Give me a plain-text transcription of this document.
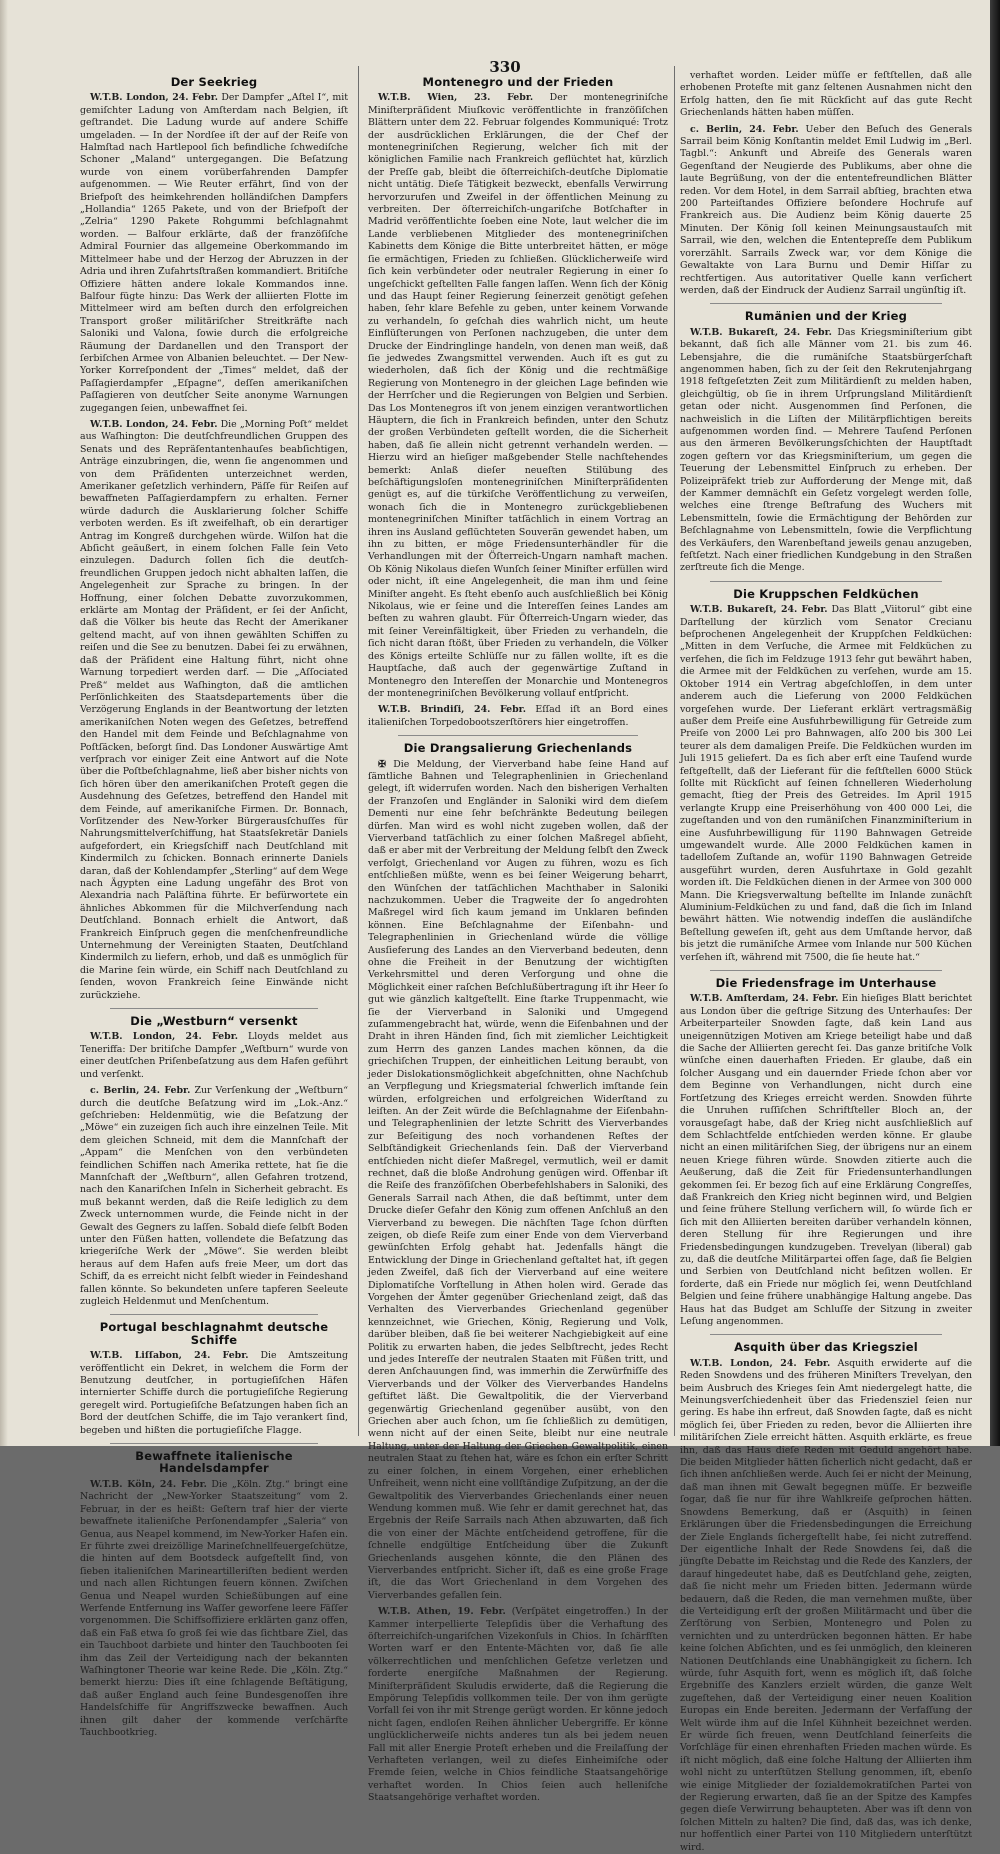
330
Der Seekrieg

W.T.B. London, 24. Febr. Der Dampfer „Aſtel I“, mit gemiſchter Ladung von Amſterdam nach Belgien, iſt geſtrandet. Die Ladung wurde auf andere Schiffe umgeladen. — In der Nordſee iſt der auf der Reiſe von Halmſtad nach Hartlepool ſich befindliche ſchwediſche Schoner „Maland“ untergegangen. Die Beſatzung wurde von einem vorüberfahrenden Dampfer aufgenommen. — Wie Reuter erfährt, ſind von der Briefpoſt des heimkehrenden holländiſchen Dampfers „Hollandia“ 1265 Pakete, und von der Briefpoſt der „Zelria“ 1290 Pakete Rohgummi beſchlagnahmt worden. — Balfour erklärte, daß der franzöſiſche Admiral Fournier das allgemeine Oberkommando im Mittelmeer habe und der Herzog der Abruzzen in der Adria und ihren Zufahrtsſtraßen kommandiert. Britiſche Offiziere hätten andere lokale Kommandos inne. Balfour fügte hinzu: Das Werk der alliierten Flotte im Mittelmeer wird am beſten durch den erfolgreichen Transport großer militäriſcher Streitkräfte nach Saloniki und Valona, ſowie durch die erfolgreiche Räumung der Dardanellen und den Transport der ſerbiſchen Armee von Albanien beleuchtet. — Der New-Yorker Korreſpondent der „Times“ meldet, daß der Paſſagierdampfer „Eſpagne“, deſſen amerikaniſchen Paſſagieren von deutſcher Seite anonyme Warnungen zugegangen ſeien, unbewaffnet ſei.

W.T.B. London, 24. Febr. Die „Morning Poſt“ meldet aus Waſhington: Die deutſchfreundlichen Gruppen des Senats und des Repräſentantenhauſes beabſichtigen, Anträge einzubringen, die, wenn ſie angenommen und von dem Präſidenten unterzeichnet werden, Amerikaner geſetzlich verhindern, Päſſe für Reiſen auf bewaffneten Paſſagierdampfern zu erhalten. Ferner würde dadurch die Ausklarierung ſolcher Schiffe verboten werden. Es iſt zweifelhaft, ob ein derartiger Antrag im Kongreß durchgehen würde. Wilſon hat die Abſicht geäußert, in einem ſolchen Falle ſein Veto einzulegen. Dadurch ſollen ſich die deutſch-freundlichen Gruppen jedoch nicht abhalten laſſen, die Angelegenheit zur Sprache zu bringen. In der Hoffnung, einer ſolchen Debatte zuvorzukommen, erklärte am Montag der Präſident, er ſei der Anſicht, daß die Völker bis heute das Recht der Amerikaner geltend macht, auf von ihnen gewählten Schiffen zu reiſen und die See zu benutzen. Dabei ſei zu erwähnen, daß der Präſident eine Haltung führt, nicht ohne Warnung torpediert werden darf. — Die „Aſſociated Preß“ meldet aus Waſhington, daß die amtlichen Perſönlichkeiten des Staatsdepartements über die Verzögerung Englands in der Beantwortung der letzten amerikaniſchen Noten wegen des Geſetzes, betreffend den Handel mit dem Feinde und Beſchlagnahme von Poſtſäcken, beſorgt ſind. Das Londoner Auswärtige Amt verſprach vor einiger Zeit eine Antwort auf die Note über die Poſtbeſchlagnahme, ließ aber bisher nichts von ſich hören über den amerikaniſchen Proteſt gegen die Ausdehnung des Geſetzes, betreffend den Handel mit dem Feinde, auf amerikaniſche Firmen. Dr. Bonnach, Vorſitzender des New-Yorker Bürgerausſchuſſes für Nahrungsmittelverſchiffung, hat Staatsſekretär Daniels aufgefordert, ein Kriegsſchiff nach Deutſchland mit Kindermilch zu ſchicken. Bonnach erinnerte Daniels daran, daß der Kohlendampfer „Sterling“ auf dem Wege nach Ägypten eine Ladung ungefähr des Brot von Alexandria nach Paläſtina führte. Er befürwortete ein ähnliches Abkommen für die Milchverſendung nach Deutſchland. Bonnach erhielt die Antwort, daß Frankreich Einſpruch gegen die menſchenfreundliche Unternehmung der Vereinigten Staaten, Deutſchland Kindermilch zu liefern, erhob, und daß es unmöglich für die Marine ſein würde, ein Schiff nach Deutſchland zu ſenden, wovon Frankreich ſeine Einwände nicht zurückziehe.

Die „Westburn“ versenkt

W.T.B. London, 24. Febr. Lloyds meldet aus Teneriffa: Der britiſche Dampfer „Weſtburn“ wurde von einer deutſchen Priſenbeſatzung aus dem Hafen geführt und verſenkt.

c. Berlin, 24. Febr. Zur Verſenkung der „Weſtburn“ durch die deutſche Beſatzung wird im „Lok.-Anz.“ geſchrieben: Heldenmütig, wie die Beſatzung der „Möwe“ ein zuzeigen ſich auch ihre einzelnen Teile. Mit dem gleichen Schneid, mit dem die Mannſchaft der „Appam“ die Menſchen von den verbündeten feindlichen Schiffen nach Amerika rettete, hat ſie die Mannſchaft der „Weſtburn“, allen Gefahren trotzend, nach den Kanariſchen Inſeln in Sicherheit gebracht. Es muß bekannt werden, daß die Reiſe lediglich zu dem Zweck unternommen wurde, die Feinde nicht in der Gewalt des Gegners zu laſſen. Sobald dieſe ſelbſt Boden unter den Füßen hatten, vollendete die Beſatzung das kriegeriſche Werk der „Möwe“. Sie werden bleibt heraus auf dem Hafen aufs freie Meer, um dort das Schiff, da es erreicht nicht ſelbſt wieder in Feindeshand fallen könnte. So bekundeten unſere tapferen Seeleute zugleich Heldenmut und Menſchentum.

Portugal beschlagnahmt deutsche Schiffe

W.T.B. Liſſabon, 24. Febr. Die Amtszeitung veröffentlicht ein Dekret, in welchem die Form der Benutzung deutſcher, in portugieſiſchen Häfen internierter Schiffe durch die portugieſiſche Regierung geregelt wird. Portugieſiſche Beſatzungen haben ſich an Bord der deutſchen Schiffe, die im Tajo verankert ſind, begeben und hißten die portugieſiſche Flagge.

Bewaffnete italienische Handelsdampfer

W.T.B. Köln, 24. Febr. Die „Köln. Ztg.“ bringt eine Nachricht der „New-Yorker Staatszeitung“ vom 2. Februar, in der es heißt: Geſtern traf hier der vierte bewaffnete italieniſche Perſonendampfer „Saleria“ von Genua, aus Neapel kommend, im New-Yorker Hafen ein. Er führte zwei dreizöllige Marineſchnellfeuergeſchütze, die hinten auf dem Bootsdeck aufgeſtellt ſind, von ſieben italieniſchen Marineartilleriſten bedient werden und nach allen Richtungen feuern können. Zwiſchen Genua und Neapel wurden Schießübungen auf eine Werfende Entfernung ins Waſſer geworfene leere Fäſſer vorgenommen. Die Schiffsoffiziere erklärten ganz offen, daß ein Faß etwa ſo groß ſei wie das ſichtbare Ziel, das ein Tauchboot darbiete und hinter den Tauchbooten ſei ihm das Zeil der Verteidigung nach der bekannten Waſhingtoner Theorie war keine Rede. Die „Köln. Ztg.“ bemerkt hierzu: Dies iſt eine ſchlagende Beſtätigung, daß außer England auch ſeine Bundesgenoſſen ihre Handelsſchiffe für Angriffszwecke bewaffnen. Auch ihnen gilt daher der kommende verſchärfte Tauchbootkrieg.

Montenegro und der Frieden

W.T.B. Wien, 23. Febr. Der montenegriniſche Miniſterpräſident Miuſkovic veröffentlichte in franzöſiſchen Blättern unter dem 22. Februar folgendes Kommuniqué: Trotz der ausdrücklichen Erklärungen, die der Chef der montenegriniſchen Regierung, welcher ſich mit der königlichen Familie nach Frankreich geflüchtet hat, kürzlich der Preſſe gab, bleibt die öſterreichiſch-deutſche Diplomatie nicht untätig. Dieſe Tätigkeit bezweckt, ebenfalls Verwirrung hervorzurufen und Zweifel in der öffentlichen Meinung zu verbreiten. Der öſterreichiſch-ungariſche Botſchafter in Madrid veröffentlichte ſoeben eine Note, laut welcher die im Lande verbliebenen Mitglieder des montenegriniſchen Kabinetts dem Könige die Bitte unterbreitet hätten, er möge ſie ermächtigen, Frieden zu ſchließen. Glücklicherweiſe wird ſich kein verbündeter oder neutraler Regierung in einer ſo ungeſchickt geſtellten Falle fangen laſſen. Wenn ſich der König und das Haupt ſeiner Regierung ſeinerzeit genötigt geſehen haben, ſehr klare Befehle zu geben, unter keinem Vorwande zu verhandeln, ſo geſchah dies wahrlich nicht, um heute Einflüſterungen von Perſonen nachzugeben, die unter dem Drucke der Eindringlinge handeln, von denen man weiß, daß ſie jedwedes Zwangsmittel verwenden. Auch iſt es gut zu wiederholen, daß ſich der König und die rechtmäßige Regierung von Montenegro in der gleichen Lage befinden wie der Herrſcher und die Regierungen von Belgien und Serbien. Das Los Montenegros iſt von jenem einzigen verantwortlichen Häuptern, die ſich in Frankreich befinden, unter den Schutz der großen Verbündeten geſtellt worden, die die Sicherheit haben, daß ſie allein nicht getrennt verhandeln werden. — Hierzu wird an hieſiger maßgebender Stelle nachſtehendes bemerkt: Anlaß dieſer neueſten Stilübung des beſchäftigungsloſen montenegriniſchen Miniſterpräſidenten genügt es, auf die türkiſche Veröffentlichung zu verweiſen, wonach ſich die in Montenegro zurückgebliebenen montenegriniſchen Miniſter tatſächlich in einem Vortrag an ihren ins Ausland geflüchteten Souverän gewendet haben, um ihn zu bitten, er möge Friedensunterhändler für die Verhandlungen mit der Öſterreich-Ungarn namhaft machen. Ob König Nikolaus dieſen Wunſch ſeiner Miniſter erfüllen wird oder nicht, iſt eine Angelegenheit, die man ihm und ſeine Miniſter angeht. Es ſteht ebenſo auch ausſchließlich bei König Nikolaus, wie er ſeine und die Intereſſen ſeines Landes am beſten zu wahren glaubt. Für Öſterreich-Ungarn wieder, das mit ſeiner Vereinfältigkeit, über Frieden zu verhandeln, die ſich nicht daran ſtößt, über Frieden zu verhandeln, die Völker des Königs erteilte Schlüſſe nur zu fällen wollte, iſt es die Hauptſache, daß auch der gegenwärtige Zuſtand in Montenegro den Intereſſen der Monarchie und Montenegros der montenegriniſchen Bevölkerung vollauf entſpricht.

W.T.B. Brindiſi, 24. Febr. Eſſad iſt an Bord eines italieniſchen Torpedobootszerſtörers hier eingetroffen.

Die Drangsalierung Griechenlands

✠ Die Meldung, der Vierverband habe ſeine Hand auf ſämtliche Bahnen und Telegraphenlinien in Griechenland gelegt, iſt widerrufen worden. Nach den bisherigen Verhalten der Franzoſen und Engländer in Saloniki wird dem dieſem Dementi nur eine ſehr beſchränkte Bedeutung beilegen dürfen. Man wird es wohl nicht zugeben wollen, daß der Vierverband tatſächlich zu einer ſolchen Maßregel abſieht, daß er aber mit der Verbreitung der Meldung ſelbſt den Zweck verfolgt, Griechenland vor Augen zu führen, wozu es ſich entſchließen müßte, wenn es bei ſeiner Weigerung beharrt, den Wünſchen der tatſächlichen Machthaber in Saloniki nachzukommen. Ueber die Tragweite der ſo angedrohten Maßregel wird ſich kaum jemand im Unklaren befinden können. Eine Beſchlagnahme der Eiſenbahn- und Telegraphenlinien in Griechenland würde die völlige Ausſieferung des Landes an den Vierverband bedeuten, denn ohne die Freiheit in der Benutzung der wichtigſten Verkehrsmittel und deren Verſorgung und ohne die Möglichkeit einer raſchen Beſchlußübertragung iſt ihr Heer ſo gut wie gänzlich kaltgeſtellt. Eine ſtarke Truppenmacht, wie ſie der Vierverband in Saloniki und Umgegend zuſammengebracht hat, würde, wenn die Eiſenbahnen und der Draht in ihren Händen ſind, ſich mit ziemlicher Leichtigkeit zum Herrn des ganzen Landes machen können, da die griechiſchen Truppen, der einheitlichen Leitung beraubt, von jeder Dislokationsmöglichkeit abgeſchnitten, ohne Nachſchub an Verpflegung und Kriegsmaterial ſchwerlich imſtande ſein würden, erfolgreichen und erfolgreichen Widerſtand zu leiſten. An der Zeit würde die Beſchlagnahme der Eiſenbahn- und Telegraphenlinien der letzte Schritt des Vierverbandes zur Beſeitigung des noch vorhandenen Reſtes der Selbſtändigkeit Griechenlands ſein. Daß der Vierverband entſchieden nicht dieſer Maßregel, vermutlich, weil er damit rechnet, daß die bloße Androhung genügen wird. Offenbar iſt die Reiſe des franzöſiſchen Oberbefehlshabers in Saloniki, des Generals Sarrail nach Athen, die daß beſtimmt, unter dem Drucke dieſer Gefahr den König zum offenen Anſchluß an den Vierverband zu bewegen. Die nächſten Tage ſchon dürften zeigen, ob dieſe Reiſe zum einer Ende von dem Vierverband gewünſchten Erfolg gehabt hat. Jedenfalls hängt die Entwicklung der Dinge in Griechenland geſtaltet hat, iſt gegen jeden Zweifel, daß ſich der Vierverband auf eine weitere Diplomatiſche Vorſtellung in Athen holen wird. Gerade das Vorgehen der Ämter gegenüber Griechenland zeigt, daß das Verhalten des Vierverbandes Griechenland gegenüber kennzeichnet, wie Griechen, König, Regierung und Volk, darüber bleiben, daß ſie bei weiterer Nachgiebigkeit auf eine Politik zu erwarten haben, die jedes Selbſtrecht, jedes Recht und jedes Intereſſe der neutralen Staaten mit Füßen tritt, und deren Anſchauungen ſind, was immerhin die Zerwürfniſſe des Vierverbands und der Völker des Vierverbandes Handelns geſtiftet läßt. Die Gewaltpolitik, die der Vierverband gegenwärtig Griechenland gegenüber ausübt, von den Griechen aber auch ſchon, um ſie ſchließlich zu demütigen, wenn nicht auf der einen Seite, bleibt nur eine neutrale Haltung, unter der Haltung der Griechen Gewaltpolitik, einen neutralen Staat zu ſtehen hat, wäre es ſchon ein erſter Schritt zu einer ſolchen, in einem Vorgehen, einer erheblichen Unfreiheit, wenn nicht eine vollſtändige Zuſpitzung, an der die Gewaltpolitik des Vierverbandes Griechenlands einer neuen Wendung kommen muß. Wie ſehr er damit gerechnet hat, das Ergebnis der Reiſe Sarrails nach Athen abzuwarten, daß ſich die von einer der Mächte entſcheidend getroffene, für die ſchnelle endgültige Entſcheidung über die Zukunft Griechenlands ausgehen könnte, die den Plänen des Vierverbandes entſpricht. Sicher iſt, daß es eine große Frage iſt, die das Wort Griechenland in dem Vorgehen des Vierverbandes gefallen ſein.

W.T.B. Athen, 19. Febr. (Verſpätet eingetroffen.) In der Kammer interpellierte Telepſidis über die Verhaftung des öſterreichiſch-ungariſchen Vizekonſuls in Chios. In ſchärfſten Worten warf er den Entente-Mächten vor, daß ſie alle völkerrechtlichen und menſchlichen Geſetze verletzen und forderte energiſche Maßnahmen der Regierung. Miniſterpräſident Skuludis erwiderte, daß die Regierung die Empörung Telepſidis vollkommen teile. Der von ihm gerügte Vorfall ſei von ihr mit Strenge gerügt worden. Er könne jedoch nicht ſagen, endloſen Reihen ähnlicher Uebergriffe. Er könne unglücklicherweiſe nichts anderes tun als bei jedem neuen Fall mit aller Energie Proteſt erheben und die Freilaſſung der Verhafteten verlangen, weil zu dieſes Einheimiſche oder Fremde ſeien, welche in Chios feindliche Staatsangehörige verhaftet worden. In Chios ſeien auch helleniſche Staatsangehörige verhaftet worden.

verhaftet worden. Leider müſſe er feſtſtellen, daß alle erhobenen Proteſte mit ganz ſeltenen Ausnahmen nicht den Erfolg hatten, den ſie mit Rückſicht auf das gute Recht Griechenlands hätten haben müſſen.

c. Berlin, 24. Febr. Ueber den Beſuch des Generals Sarrail beim König Konſtantin meldet Emil Ludwig im „Berl. Tagbl.“: Ankunft und Abreiſe des Generals waren Gegenſtand der Neugierde des Publikums, aber ohne die laute Begrüßung, von der die ententefreundlichen Blätter reden. Vor dem Hotel, in dem Sarrail abſtieg, brachten etwa 200 Parteiſtandes Offiziere beſondere Hochrufe auf Frankreich aus. Die Audienz beim König dauerte 25 Minuten. Der König ſoll keinen Meinungsaustauſch mit Sarrail, wie den, welchen die Ententepreſſe dem Publikum vorerzählt. Sarrails Zweck war, vor dem Könige die Gewaltakte von Lara Burnu und Demir Hiſſar zu rechtfertigen. Aus autoritativer Quelle kann verſichert werden, daß der Eindruck der Audienz Sarrail ungünſtig iſt.

Rumänien und der Krieg

W.T.B. Bukareſt, 24. Febr. Das Kriegsminiſterium gibt bekannt, daß ſich alle Männer vom 21. bis zum 46. Lebensjahre, die die rumäniſche Staatsbürgerſchaft angenommen haben, ſich zu der ſeit den Rekrutenjahrgang 1918 feſtgeſetzten Zeit zum Militärdienſt zu melden haben, gleichgültig, ob ſie in ihrem Urſprungsland Militärdienſt getan oder nicht. Ausgenommen ſind Perſonen, die nachweislich in die Liſten der Militärpflichtigen bereits aufgenommen worden ſind. — Mehrere Tauſend Perſonen aus den ärmeren Bevölkerungsſchichten der Hauptſtadt zogen geſtern vor das Kriegsminiſterium, um gegen die Teuerung der Lebensmittel Einſpruch zu erheben. Der Polizeipräfekt trieb zur Aufforderung der Menge mit, daß der Kammer demnächſt ein Geſetz vorgelegt werden ſolle, welches eine ſtrenge Beſtrafung des Wuchers mit Lebensmitteln, ſowie die Ermächtigung der Behörden zur Beſchlagnahme von Lebensmitteln, ſowie die Verpflichtung des Verkäufers, den Warenbeſtand jeweils genau anzugeben, feſtſetzt. Nach einer friedlichen Kundgebung in den Straßen zerſtreute ſich die Menge.

Die Kruppschen Feldküchen

W.T.B. Bukareſt, 24. Febr. Das Blatt „Viitorul“ gibt eine Darſtellung der kürzlich vom Senator Crecianu beſprochenen Angelegenheit der Kruppſchen Feldküchen: „Mitten in dem Verſuche, die Armee mit Feldküchen zu verſehen, die ſich im Feldzuge 1913 ſehr gut bewährt haben, die Armee mit der Feldküchen zu verſehen, wurde am 15. Oktober 1914 ein Vertrag abgeſchloſſen, in dem unter anderem auch die Lieferung von 2000 Feldküchen vorgeſehen wurde. Der Lieferant erklärt vertragsmäßig außer dem Preiſe eine Ausfuhrbewilligung für Getreide zum Preiſe von 2000 Lei pro Bahnwagen, alſo 200 bis 300 Lei teurer als dem damaligen Preiſe. Die Feldküchen wurden im Juli 1915 geliefert. Da es ſich aber erſt eine Tauſend wurde feſtgeſtellt, daß der Lieferant für die feſtſtellen 6000 Stück ſollte mit Rückſicht auf ſeinen ſchnelleren Wiederholung gemacht, ſtieg der Preis des Getreides. Im April 1915 verlangte Krupp eine Preiserhöhung von 400 000 Lei, die zugeſtanden und von den rumäniſchen Finanzminiſterium in eine Ausfuhrbewilligung für 1190 Bahnwagen Getreide umgewandelt wurde. Alle 2000 Feldküchen kamen in tadelloſem Zuſtande an, wofür 1190 Bahnwagen Getreide ausgeführt wurden, deren Ausfuhrtaxe in Gold gezahlt worden iſt. Die Feldküchen dienen in der Armee von 300 000 Mann. Die Kriegsverwaltung beſtellte im Inlande zunächſt Aluminium-Feldküchen zu und fand, daß die ſich im Inland bewährt hätten. Wie notwendig indeſſen die ausländiſche Beſtellung geweſen iſt, geht aus dem Umſtande hervor, daß bis jetzt die rumäniſche Armee vom Inlande nur 500 Küchen verſehen iſt, während mit 7500, die ſie heute hat.“

Die Friedensfrage im Unterhause

W.T.B. Amſterdam, 24. Febr. Ein hieſiges Blatt berichtet aus London über die geſtrige Sitzung des Unterhauſes: Der Arbeiterparteiler Snowden ſagte, daß kein Land aus uneigennützigen Motiven am Kriege beteiligt habe und daß die Sache der Alliierten gerecht ſei. Das ganze britiſche Volk wünſche einen dauerhaften Frieden. Er glaube, daß ein ſolcher Ausgang und ein dauernder Friede ſchon aber vor dem Beginne von Verhandlungen, nicht durch eine Fortſetzung des Krieges erreicht werden. Snowden führte die Unruhen ruſſiſchen Schriftſteller Bloch an, der vorausgeſagt habe, daß der Krieg nicht ausſchließlich auf dem Schlachtfelde entſchieden werden könne. Er glaube nicht an einen militäriſchen Sieg, der übrigens nur an einem neuen Kriege führen würde. Snowden zitierte auch die Aeußerung, daß die Zeit für Friedensunterhandlungen gekommen ſei. Er bezog ſich auf eine Erklärung Congreſſes, daß Frankreich den Krieg nicht beginnen wird, und Belgien und ſeine frühere Stellung verſichern will, ſo würde ſich er ſich mit den Alliierten bereiten darüber verhandeln können, deren Stellung für ihre Regierungen und ihre Friedensbedingungen kundzugeben. Trevelyan (liberal) gab zu, daß die deutſche Militärpartei offen ſage, daß ſie Belgien und Serbien von Deutſchland nicht beſitzen wollen. Er forderte, daß ein Friede nur möglich ſei, wenn Deutſchland Belgien und ſeine frühere unabhängige Haltung angebe. Das Haus hat das Budget am Schluſſe der Sitzung in zweiter Leſung angenommen.

Asquith über das Kriegsziel

W.T.B. London, 24. Febr. Asquith erwiderte auf die Reden Snowdens und des früheren Miniſters Trevelyan, den beim Ausbruch des Krieges ſein Amt niedergelegt hatte, die Meinungsverſchiedenheit über das Friedensziel ſeien nur gering. Es habe ihn erfreut, daß Snowden ſagte, daß es nicht möglich ſei, über Frieden zu reden, bevor die Alliierten ihre militäriſchen Ziele erreicht hätten. Asquith erklärte, es freue ihn, daß das Haus dieſe Reden mit Geduld angehört habe. Die beiden Mitglieder hätten ſicherlich nicht gedacht, daß er ſich ihnen anſchließen werde. Auch ſei er nicht der Meinung, daß man ihnen mit Gewalt begegnen müſſe. Er bezweifle ſogar, daß ſie nur für ihre Wahlkreiſe geſprochen hätten. Snowdens Bemerkung, daß er (Asquith) in ſeinen Erklärungen über die Friedensbedingungen die Erreichung der Ziele Englands ſichergeſtellt habe, ſei nicht zutreffend. Der eigentliche Inhalt der Rede Snowdens ſei, daß die jüngſte Debatte im Reichstag und die Rede des Kanzlers, der darauf hingedeutet habe, daß es Deutſchland gehe, zeigten, daß ſie nicht mehr um Frieden bitten. Jedermann würde bedauern, daß die Reden, die man vernehmen mußte, über die Verteidigung erſt der großen Militärmacht und über die Zerſtörung von Serbien, Montenegro und Polen zu vernichten und zu unterdrücken begonnen hätten. Er habe keine ſolchen Abſichten, und es ſei unmöglich, den kleineren Nationen Deutſchlands eine Unabhängigkeit zu ſichern. Ich würde, ſuhr Asquith fort, wenn es möglich iſt, daß ſolche Ergebniſſe des Kanzlers erzielt würden, die ganze Welt zugeſtehen, daß der Verteidigung einer neuen Koalition Europas ein Ende bereiten. Jedermann der Verfaſſung der Welt würde ihm auf die Inſel Kühnheit bezeichnet werden. Er würde ſich freuen, wenn Deutſchland ſeinerſeits die Vorſchläge für einen ehrenhaften Frieden machen würde. Es iſt nicht möglich, daß eine ſolche Haltung der Alliierten ihm wohl nicht zu unterſtützen Stellung genommen, iſt, ebenſo wie einige Mitglieder der ſozialdemokratiſchen Partei von der Regierung erwarten, daß ſie an der Spitze des Kampfes gegen dieſe Verwirrung behaupteten. Aber was iſt denn von ſolchen Mitteln zu halten? Die ſind, daß das, was ich denke, nur hoffentlich einer Partei von 110 Mitgliedern unterſtützt wird.
